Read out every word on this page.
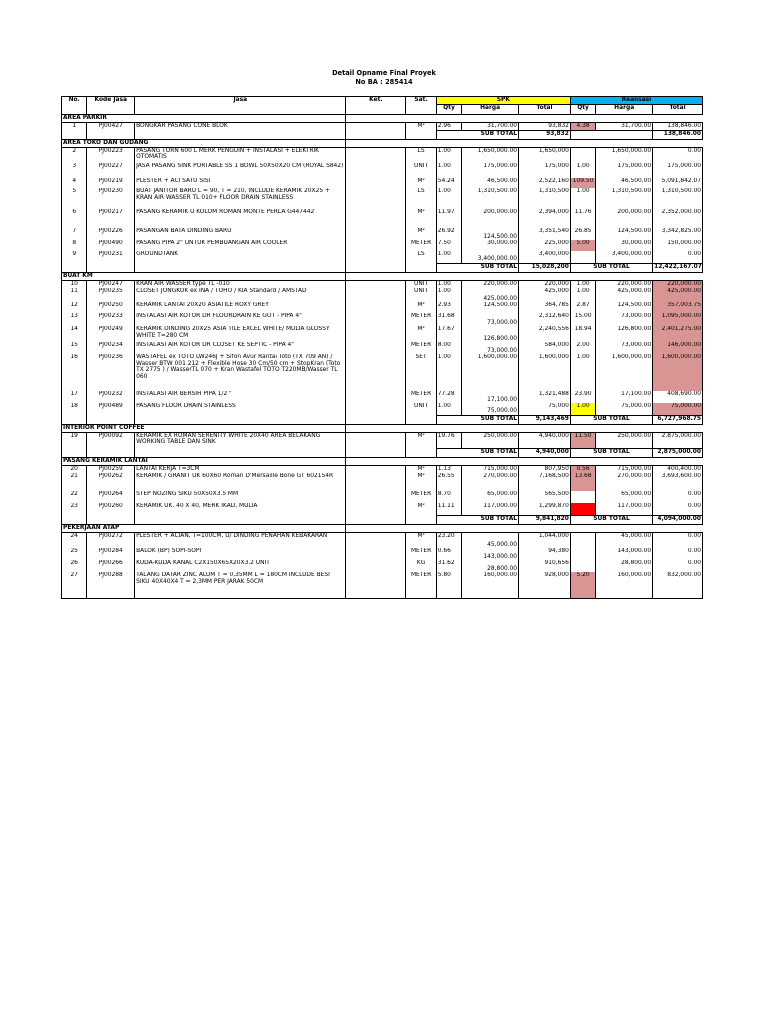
Detail Opname Final Proyek
No BA : 285414
No.	Kode Jasa	Jasa	Ket.	Sat.	SPK			Realisasi		
					Qty	Harga	Total	Qty	Harga	Total
AREA PARKIR										
1	PJ00427	BONGKAR PASANG CONE BLOK		M²	2.96	31,700.00	93,832	4.38	31,700.00	138,846.00
					SUB TOTAL		93,832			138,846.00
AREA TOKO DAN GUDANG										
2	PJ00223	PASANG TORN 600 L MERK PENGUIN + INSTALASI + ELEKTRIK OTOMATIS		LS	1.00	1,650,000.00	1,650,000		1,650,000.00	0.00
3	PJ00227	JASA PASANG SINK PORTABLE SS 1 BOWL 50X50X20 CM (ROYAL S842)		UNIT	1.00	175,000.00	175,000	1.00	175,000.00	175,000.00
4	PJ00219	PLESTER + ACI SATU SISI		M²	54.24	46,500.00	2,522,160	109.50	46,500.00	5,091,842.07
5	PJ00230	BUAT JANITOR BARU L = 90, T = 210, INCLUDE KERAMIK 20X25 + KRAN AIR WASSER TL 010+ FLOOR DRAIN STAINLESS		LS	1.00	1,310,500.00	1,310,500	1.00	1,310,500.00	1,310,500.00
6	PJ00217	PASANG KERAMIK U KOLOM ROMAN MONTE PERLA G447442		M²	11.97	200,000.00	2,394,000	11.76	200,000.00	2,352,000.00
7	PJ00226	PASANGAN BATA DINDING BARU		M²	26.92	124,500.00	3,351,540	26.85	124,500.00	3,342,825.00
8	PJ00490	PASANG PIPA 2" UNTUK PEMBUANGAN AIR COOLER		METER	7.50	30,000.00	225,000	5.00	30,000.00	150,000.00
9	PJ00231	GROUNDTANK		LS	1.00	3,400,000.00	3,400,000		3,400,000.00	0.00
					SUB TOTAL		15,028,200	SUB TOTAL		12,422,167.07
BUAT KM										
10	PJ00247	KRAN AIR WASSER type TL -010		UNIT	1.00	220,000.00	220,000	1.00	220,000.00	220,000.00
11	PJ00235	CLOSET JONGKOK ex INA / TOHO / KIA Standard / AMSTAD		UNIT	1.00	425,000.00	425,000	1.00	425,000.00	425,000.00
12	PJ00250	KERAMIK LANTAI 20X20 ASIATILE ROXY GREY		M²	2.93	124,500.00	364,785	2.87	124,500.00	357,003.75
13	PJ00233	INSTALASI AIR KOTOR DR FLOORDRAIN KE GOT - PIPA 4"		METER	31.68	73,000.00	2,312,640	15.00	73,000.00	1,095,000.00
14	PJ00249	KERAMIK DINDING 20X25 ASIA TILE EXCEL WHITE/ MULIA GLOSSY WHITE T=280 CM		M²	17.67	126,800.00	2,240,556	18.94	126,800.00	2,401,275.00
15	PJ00234	INSTALASI AIR KOTOR DR CLOSET KE SEPTIC - PIPA 4"		METER	8.00	73,000.00	584,000	2.00	73,000.00	146,000.00
16	PJ00236	WASTAFEL ex TOTO LW246J + Sifon Avur Rantai Toto (TX 709 AN) / Wasser BTW 001 212 + Flexible Hose 30 Cm/50 cm + StopKran (Toto TX 2775 ) / WasserTL 070 + Kran Wastafel TOTO T220MB/Wasser TL 060		SET	1.00	1,600,000.00	1,600,000	1.00	1,600,000.00	1,600,000.00
17	PJ00232	INSTALASI AIR BERSIH PIPA 1/2 "		METER	77.28	17,100.00	1,321,488	23.90	17,100.00	408,690.00
18	PJ00489	PASANG FLOOR DRAIN STAINLESS		UNIT	1.00	75,000.00	75,000	1.00	75,000.00	75,000.00
					SUB TOTAL		9,143,469	SUB TOTAL		6,727,968.75
INTERIOR POINT COFFEE										
19	PJ00092	KERAMIK EX ROMAN SERENITY WHITE 20X40 AREA BELAKANG WORKING TABLE DAN SINK		M²	19.76	250,000.00	4,940,000	11.50	250,000.00	2,875,000.00
					SUB TOTAL		4,940,000	SUB TOTAL		2,875,000.00
PASANG KERAMIK LANTAI										
20	PJ00259	LANTAI KERJA T=3CM		M²	1.13	715,000.00	807,950	0.56	715,000.00	400,400.00
21	PJ00262	KERAMIK / GRANIT UK 60X60 Roman D'Mersaille Bone GT 602154R		M²	26.55	270,000.00	7,168,500	13.68	270,000.00	3,693,600.00
22	PJ00264	STEP NOZING SIKU 50X50X3.5 MM		METER	8.70	65,000.00	565,500		65,000.00	0.00
23	PJ00260	KERAMIK UK. 40 X 40, MERK IKAD, MULIA		M²	11.11	117,000.00	1,299,870		117,000.00	0.00
					SUB TOTAL		9,841,820	SUB TOTAL		4,094,000.00
PEKERJAAN ATAP										
24	PJ00272	PLESTER + ACIAN, T=100CM, U/ DINDING PENAHAN KEBAKARAN		M²	23.20	45,000.00	1,044,000		45,000.00	0.00
25	PJ00284	BALOK (BP) SOPI-SOPI		METER	0.66	143,000.00	94,380		143,000.00	0.00
26	PJ00266	KUDA-KUDA KANAL C2X150X65X20X3.2 UNIT		KG	31.62	28,800.00	910,656		28,800.00	0.00
27	PJ00288	TALANG DATAR ZINC ALUM T = 0,35MM L = 180CM INCLUDE BESI SIKU 40X40X4 T = 2,3MM PER JARAK 50CM		METER	5.80	160,000.00	928,000	5.20	160,000.00	832,000.00
